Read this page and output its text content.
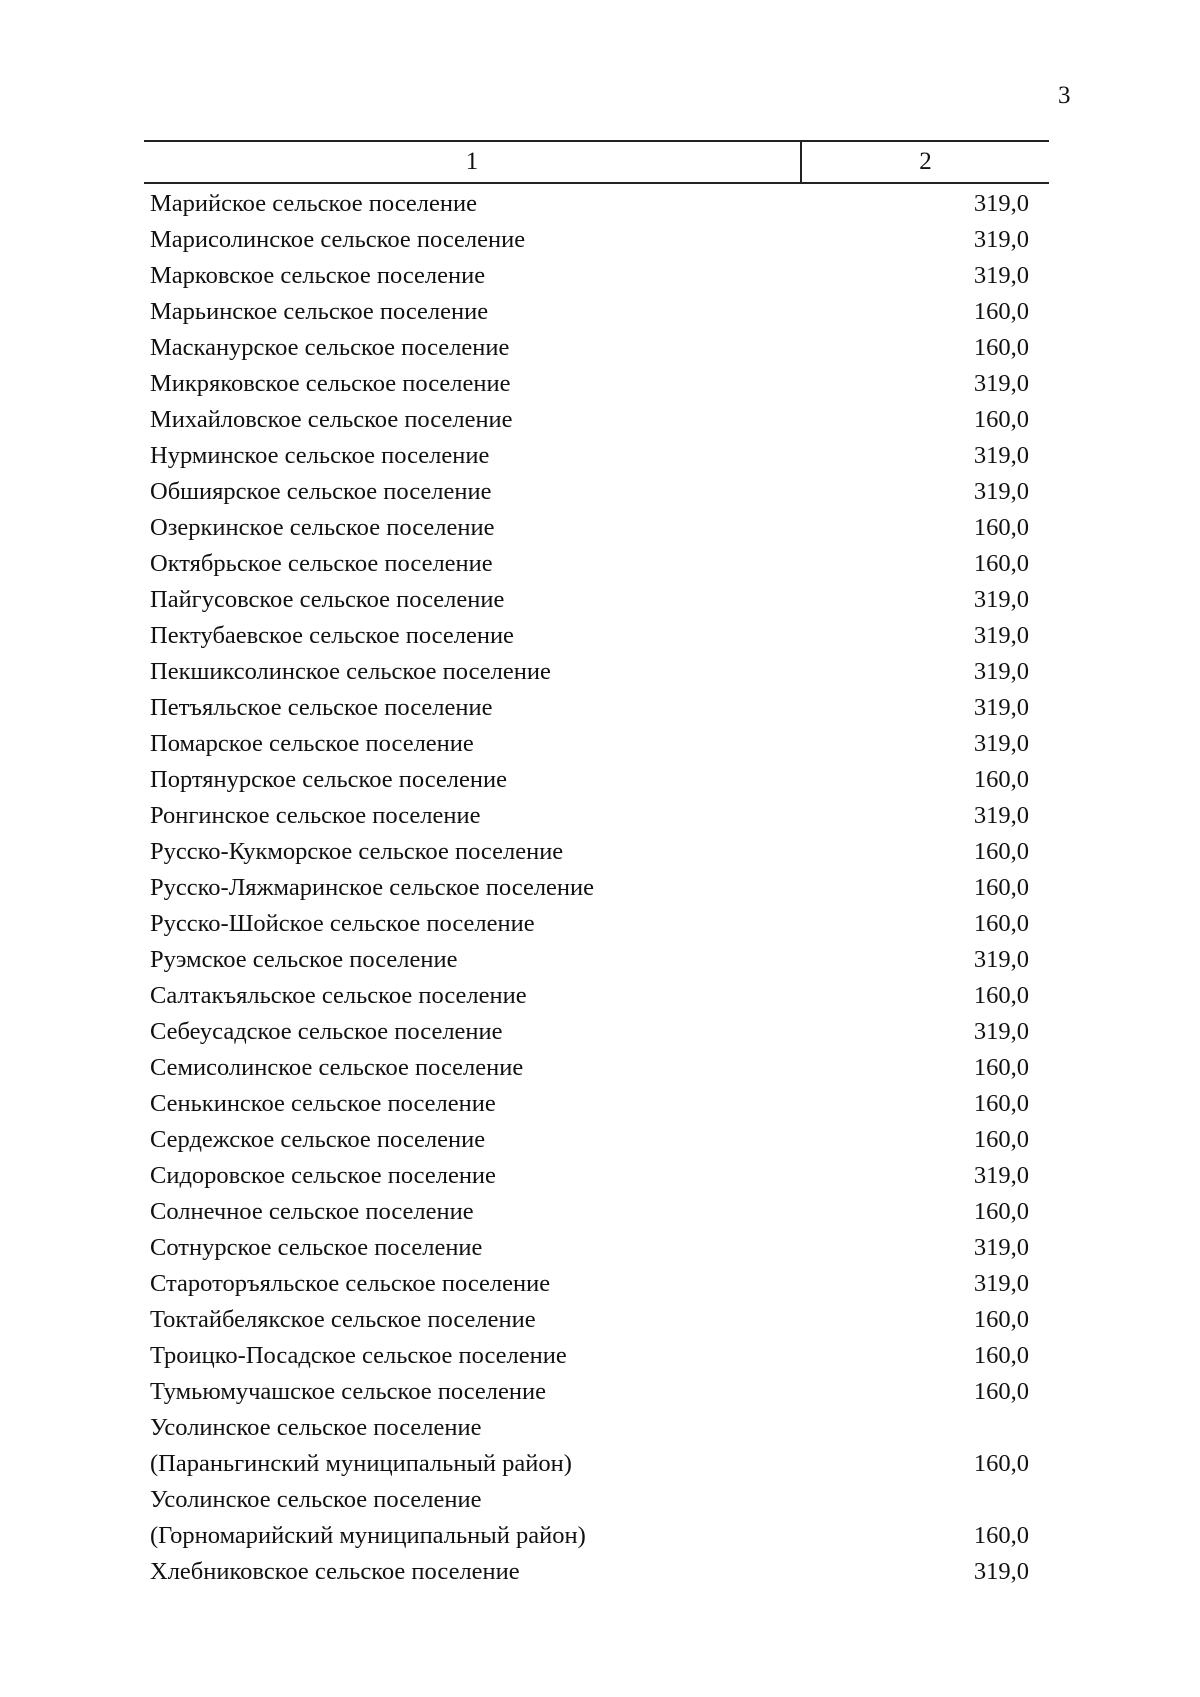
3
1	2
Марийское сельское поселение	319,0
Марисолинское сельское поселение	319,0
Марковское сельское поселение	319,0
Марьинское сельское поселение	160,0
Масканурское сельское поселение	160,0
Микряковское сельское поселение	319,0
Михайловское сельское поселение	160,0
Нурминское сельское поселение	319,0
Обшиярское сельское поселение	319,0
Озеркинское сельское поселение	160,0
Октябрьское сельское поселение	160,0
Пайгусовское сельское поселение	319,0
Пектубаевское сельское поселение	319,0
Пекшиксолинское сельское поселение	319,0
Петъяльское сельское поселение	319,0
Помарское сельское поселение	319,0
Портянурское сельское поселение	160,0
Ронгинское сельское поселение	319,0
Русско-Кукморское сельское поселение	160,0
Русско-Ляжмаринское сельское поселение	160,0
Русско-Шойское сельское поселение	160,0
Руэмское сельское поселение	319,0
Салтакъяльское сельское поселение	160,0
Себеусадское сельское поселение	319,0
Семисолинское сельское поселение	160,0
Сенькинское сельское поселение	160,0
Сердежское сельское поселение	160,0
Сидоровское сельское поселение	319,0
Солнечное сельское поселение	160,0
Сотнурское сельское поселение	319,0
Староторъяльское сельское поселение	319,0
Токтайбелякское сельское поселение	160,0
Троицко-Посадское сельское поселение	160,0
Тумьюмучашское сельское поселение	160,0
Усолинское сельское поселение
(Параньгинский муниципальный район)	160,0
Усолинское сельское поселение
(Горномарийский муниципальный район)	160,0
Хлебниковское сельское поселение	319,0
